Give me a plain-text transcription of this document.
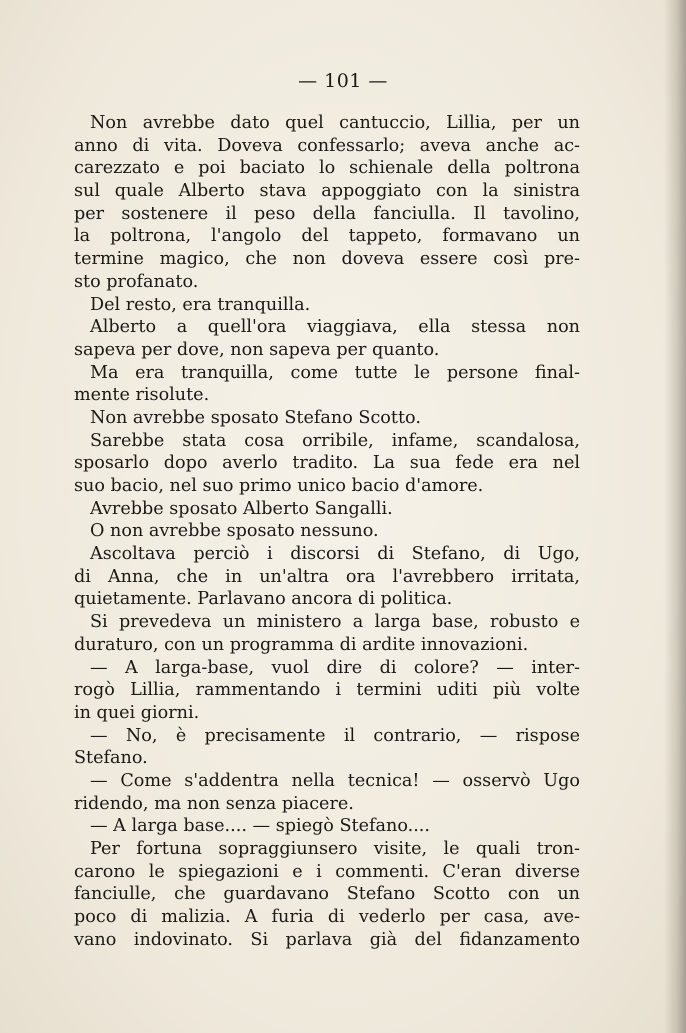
— 101 —
Non avrebbe dato quel cantuccio, Lillia, per un
anno di vita. Doveva confessarlo; aveva anche ac-
carezzato e poi baciato lo schienale della poltrona
sul quale Alberto stava appoggiato con la sinistra
per sostenere il peso della fanciulla. Il tavolino,
la poltrona, l'angolo del tappeto, formavano un
termine magico, che non doveva essere così pre-
sto profanato.
Del resto, era tranquilla.
Alberto a quell'ora viaggiava, ella stessa non
sapeva per dove, non sapeva per quanto.
Ma era tranquilla, come tutte le persone final-
mente risolute.
Non avrebbe sposato Stefano Scotto.
Sarebbe stata cosa orribile, infame, scandalosa,
sposarlo dopo averlo tradito. La sua fede era nel
suo bacio, nel suo primo unico bacio d'amore.
Avrebbe sposato Alberto Sangalli.
O non avrebbe sposato nessuno.
Ascoltava perciò i discorsi di Stefano, di Ugo,
di Anna, che in un'altra ora l'avrebbero irritata,
quietamente. Parlavano ancora di politica.
Si prevedeva un ministero a larga base, robusto e
duraturo, con un programma di ardite innovazioni.
— A larga-base, vuol dire di colore? — inter-
rogò Lillia, rammentando i termini uditi più volte
in quei giorni.
— No, è precisamente il contrario, — rispose
Stefano.
— Come s'addentra nella tecnica! — osservò Ugo
ridendo, ma non senza piacere.
— A larga base.... — spiegò Stefano....
Per fortuna sopraggiunsero visite, le quali tron-
carono le spiegazioni e i commenti. C'eran diverse
fanciulle, che guardavano Stefano Scotto con un
poco di malizia. A furia di vederlo per casa, ave-
vano indovinato. Si parlava già del fidanzamento
